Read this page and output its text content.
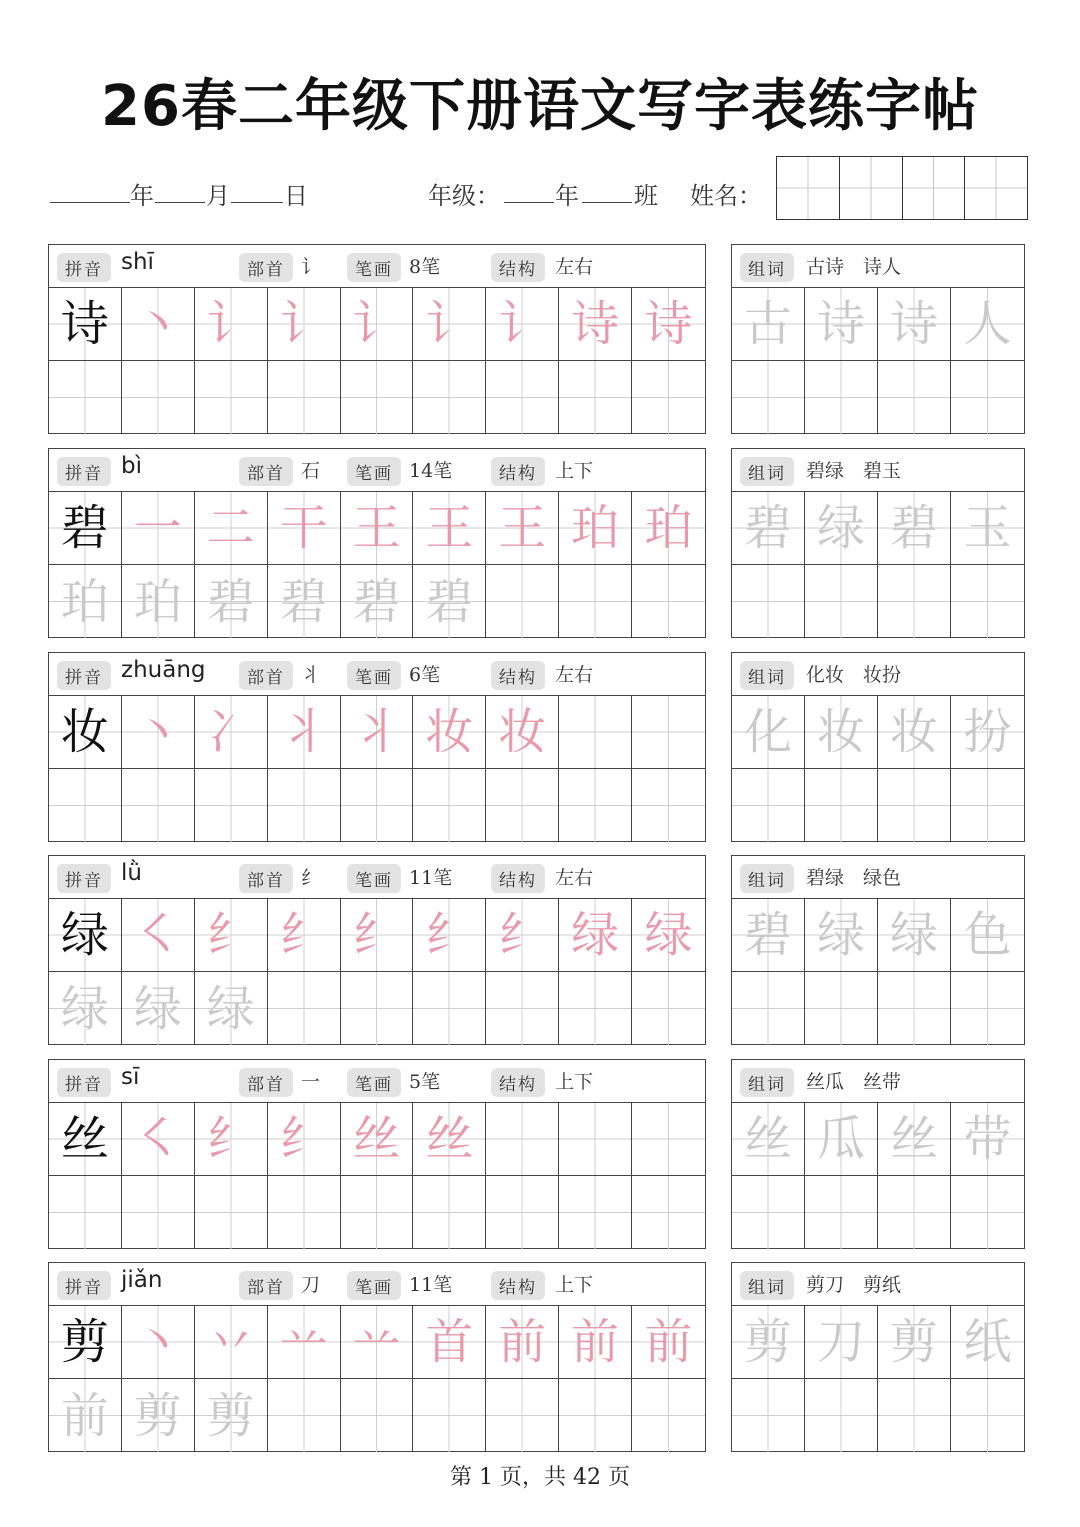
26春二年级下册语文写字表练字帖
年 月 日	年级： 年 班 姓名：
拼音 shī	部首 讠	笔画 8笔	结构 左右
诗 丶 讠 讠 讠 讠 讠 诗 诗
组词	古诗　诗人
古 诗 诗 人
拼音 bì	部首 石	笔画 14笔	结构 上下
碧 一 二 干 王 王 王 珀 珀
珀 珀 碧 碧 碧 碧
组词	碧绿　碧玉
碧 绿 碧 玉
拼音 zhuāng	部首 丬	笔画 6笔	结构 左右
妆 丶 冫 丬 丬 妆 妆
组词	化妆　妆扮
化 妆 妆 扮
拼音 lǜ	部首 纟	笔画 11笔	结构 左右
绿 ㇛ 纟 纟 纟 纟 纟 绿 绿
绿 绿 绿
组词	碧绿　绿色
碧 绿 绿 色
拼音 sī	部首 一	笔画 5笔	结构 上下
丝 ㇛ 纟 纟 丝 丝
组词	丝瓜　丝带
丝 瓜 丝 带
拼音 jiǎn	部首 刀	笔画 11笔	结构 上下
剪 丶 丷 䒑 䒑 首 前 前 前
前 剪 剪
组词	剪刀　剪纸
剪 刀 剪 纸
第 1 页，共 42 页
